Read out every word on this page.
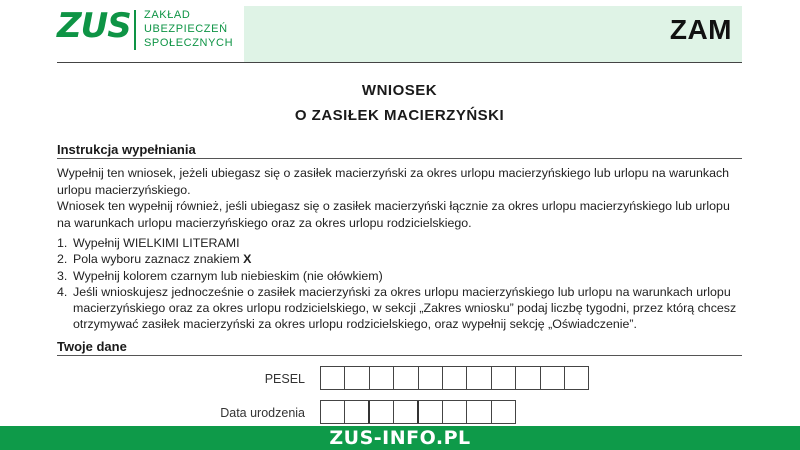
ZUS ZAKŁAD
UBEZPIECZEŃ
SPOŁECZNYCH	ZAM
WNIOSEK
O ZASIŁEK MACIERZYŃSKI
Instrukcja wypełniania
Wypełnij ten wniosek, jeżeli ubiegasz się o zasiłek macierzyński za okres urlopu macierzyńskiego lub urlopu na warunkach urlopu macierzyńskiego.
Wniosek ten wypełnij również, jeśli ubiegasz się o zasiłek macierzyński łącznie za okres urlopu macierzyńskiego lub urlopu na warunkach urlopu macierzyńskiego oraz za okres urlopu rodzicielskiego.
1. Wypełnij WIELKIMI LITERAMI
2. Pola wyboru zaznacz znakiem X
3. Wypełnij kolorem czarnym lub niebieskim (nie ołówkiem)
4. Jeśli wnioskujesz jednocześnie o zasiłek macierzyński za okres urlopu macierzyńskiego lub urlopu na warunkach urlopu macierzyńskiego oraz za okres urlopu rodzicielskiego, w sekcji „Zakres wniosku” podaj liczbę tygodni, przez którą chcesz otrzymywać zasiłek macierzyński za okres urlopu rodzicielskiego, oraz wypełnij sekcję „Oświadczenie”.
Twoje dane
PESEL
Data urodzenia
ZUS-INFO.PL
